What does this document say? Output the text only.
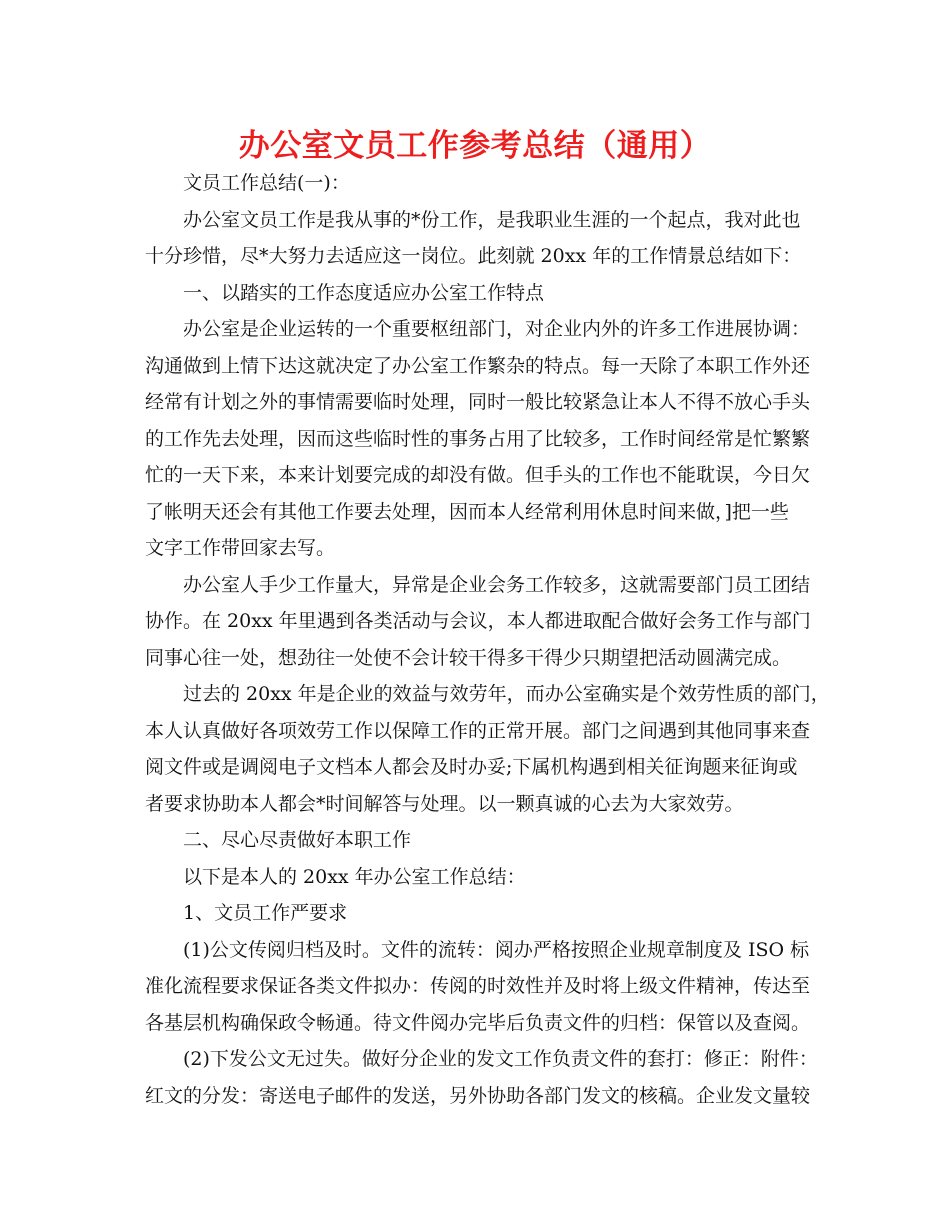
办公室文员工作参考总结（通用）
文员工作总结(一)：
办公室文员工作是我从事的*份工作，是我职业生涯的一个起点，我对此也
十分珍惜，尽*大努力去适应这一岗位。此刻就 20xx 年的工作情景总结如下：
一、以踏实的工作态度适应办公室工作特点
办公室是企业运转的一个重要枢纽部门，对企业内外的许多工作进展协调：
沟通做到上情下达这就决定了办公室工作繁杂的特点。每一天除了本职工作外还
经常有计划之外的事情需要临时处理，同时一般比较紧急让本人不得不放心手头
的工作先去处理，因而这些临时性的事务占用了比较多，工作时间经常是忙繁繁
忙的一天下来，本来计划要完成的却没有做。但手头的工作也不能耽误，今日欠
了帐明天还会有其他工作要去处理，因而本人经常利用休息时间来做，]把一些
文字工作带回家去写。
办公室人手少工作量大，异常是企业会务工作较多，这就需要部门员工团结
协作。在 20xx 年里遇到各类活动与会议，本人都进取配合做好会务工作与部门
同事心往一处，想劲往一处使不会计较干得多干得少只期望把活动圆满完成。
过去的 20xx 年是企业的效益与效劳年，而办公室确实是个效劳性质的部门，
本人认真做好各项效劳工作以保障工作的正常开展。部门之间遇到其他同事来查
阅文件或是调阅电子文档本人都会及时办妥;下属机构遇到相关征询题来征询或
者要求协助本人都会*时间解答与处理。以一颗真诚的心去为大家效劳。
二、尽心尽责做好本职工作
以下是本人的 20xx 年办公室工作总结：
1、文员工作严要求
(1)公文传阅归档及时。文件的流转：阅办严格按照企业规章制度及 ISO 标
准化流程要求保证各类文件拟办：传阅的时效性并及时将上级文件精神，传达至
各基层机构确保政令畅通。待文件阅办完毕后负责文件的归档：保管以及查阅。
(2)下发公文无过失。做好分企业的发文工作负责文件的套打：修正：附件：
红文的分发：寄送电子邮件的发送，另外协助各部门发文的核稿。企业发文量较
